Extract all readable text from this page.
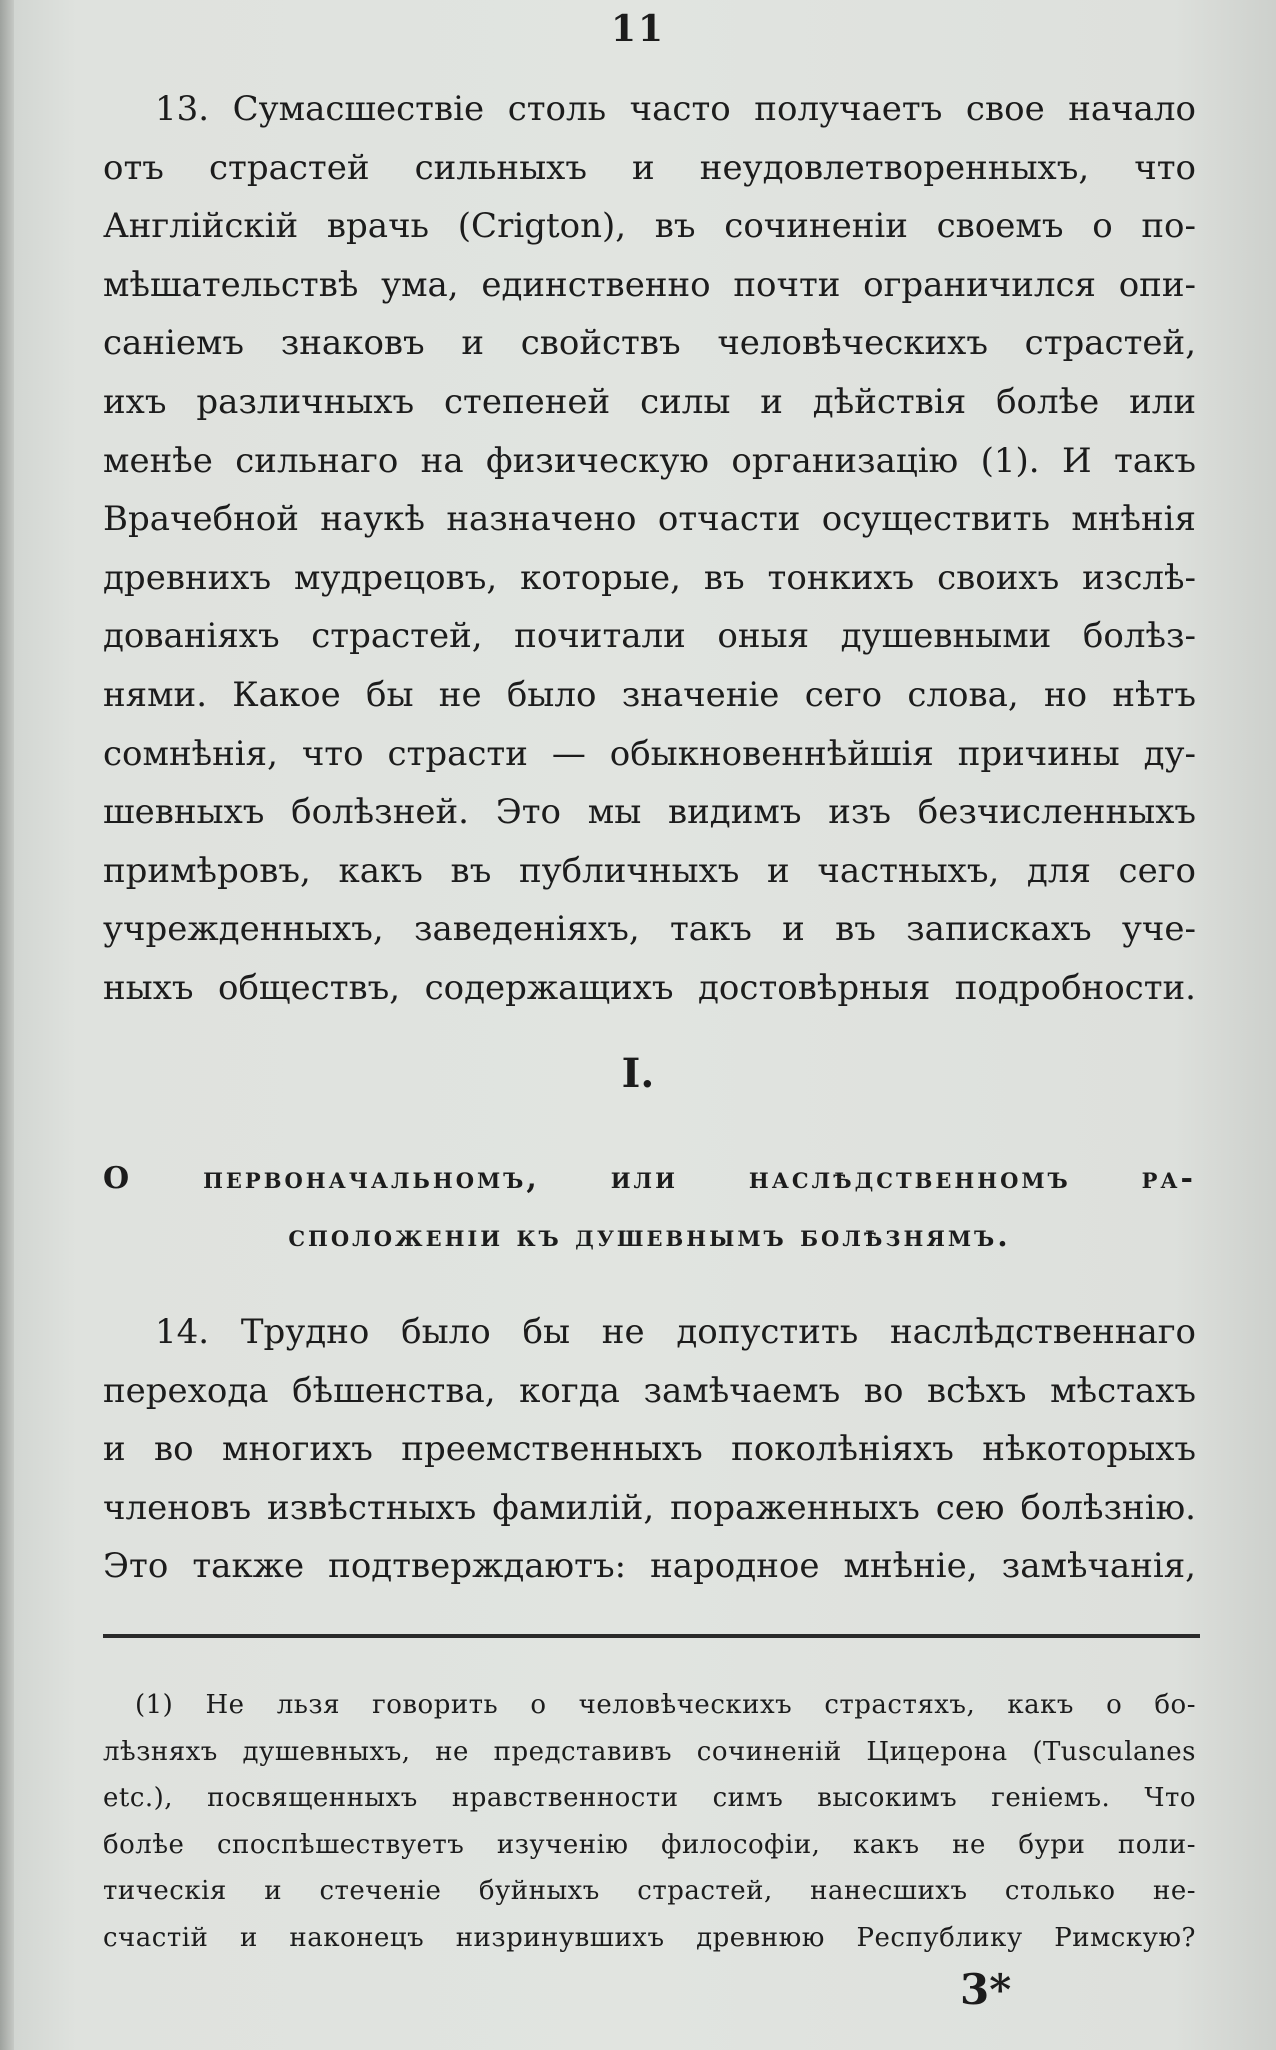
11
13. Сумасшествіе столь часто получаетъ свое начало
отъ страстей сильныхъ и неудовлетворенныхъ, что
Англійскій врачь (Crigton), въ сочиненіи своемъ о по-
мѣшательствѣ ума, единственно почти ограничился опи-
саніемъ знаковъ и свойствъ человѣческихъ страстей,
ихъ различныхъ степеней силы и дѣйствія болѣе или
менѣе сильнаго на физическую организацію (1). И такъ
Врачебной наукѣ назначено отчасти осуществить мнѣнія
древнихъ мудрецовъ, которые, въ тонкихъ своихъ изслѣ-
дованіяхъ страстей, почитали оныя душевными болѣз-
нями. Какое бы не было значеніе сего слова, но нѣтъ
сомнѣнія, что страсти — обыкновеннѣйшія причины ду-
шевныхъ болѣзней. Это мы видимъ изъ безчисленныхъ
примѣровъ, какъ въ публичныхъ и частныхъ, для сего
учрежденныхъ, заведеніяхъ, такъ и въ запискахъ уче-
ныхъ обществъ, содержащихъ достовѣрныя подробности.
I.
О первоначальномъ, или наслѣдственномъ ра-
сположеніи къ душевнымъ болѣзнямъ.
14. Трудно было бы не допустить наслѣдственнаго
перехода бѣшенства, когда замѣчаемъ во всѣхъ мѣстахъ
и во многихъ преемственныхъ поколѣніяхъ нѣкоторыхъ
членовъ извѣстныхъ фамилій, пораженныхъ сею болѣзнію.
Это также подтверждаютъ: народное мнѣніе, замѣчанія,
(1) Не льзя говорить о человѣческихъ страстяхъ, какъ о бо-
лѣзняхъ душевныхъ, не представивъ сочиненій Цицерона (Tusculanes
etc.), посвященныхъ нравственности симъ высокимъ геніемъ. Что
болѣе споспѣшествуетъ изученію философіи, какъ не бури поли-
тическія и стеченіе буйныхъ страстей, нанесшихъ столько не-
счастій и наконецъ низринувшихъ древнюю Республику Римскую?
3*
